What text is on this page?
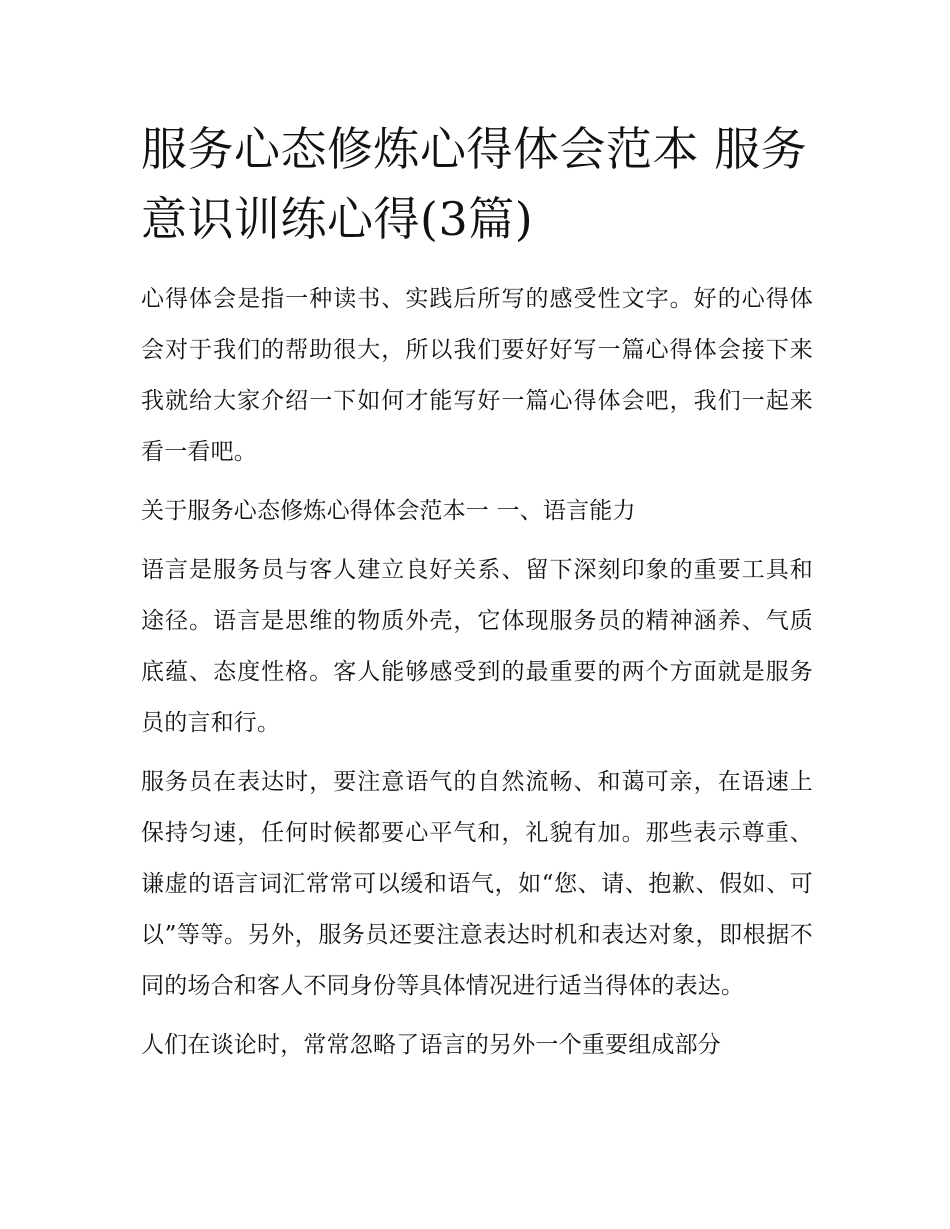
服务心态修炼心得体会范本 服务意识训练心得(3篇)

心得体会是指一种读书、实践后所写的感受性文字。好的心得体会对于我们的帮助很大，所以我们要好好写一篇心得体会接下来我就给大家介绍一下如何才能写好一篇心得体会吧，我们一起来看一看吧。

关于服务心态修炼心得体会范本一 一、语言能力

语言是服务员与客人建立良好关系、留下深刻印象的重要工具和途径。语言是思维的物质外壳，它体现服务员的精神涵养、气质底蕴、态度性格。客人能够感受到的最重要的两个方面就是服务员的言和行。

服务员在表达时，要注意语气的自然流畅、和蔼可亲，在语速上保持匀速，任何时候都要心平气和，礼貌有加。那些表示尊重、谦虚的语言词汇常常可以缓和语气，如“您、请、抱歉、假如、可以”等等。另外，服务员还要注意表达时机和表达对象，即根据不同的场合和客人不同身份等具体情况进行适当得体的表达。

人们在谈论时，常常忽略了语言的另外一个重要组成部分
